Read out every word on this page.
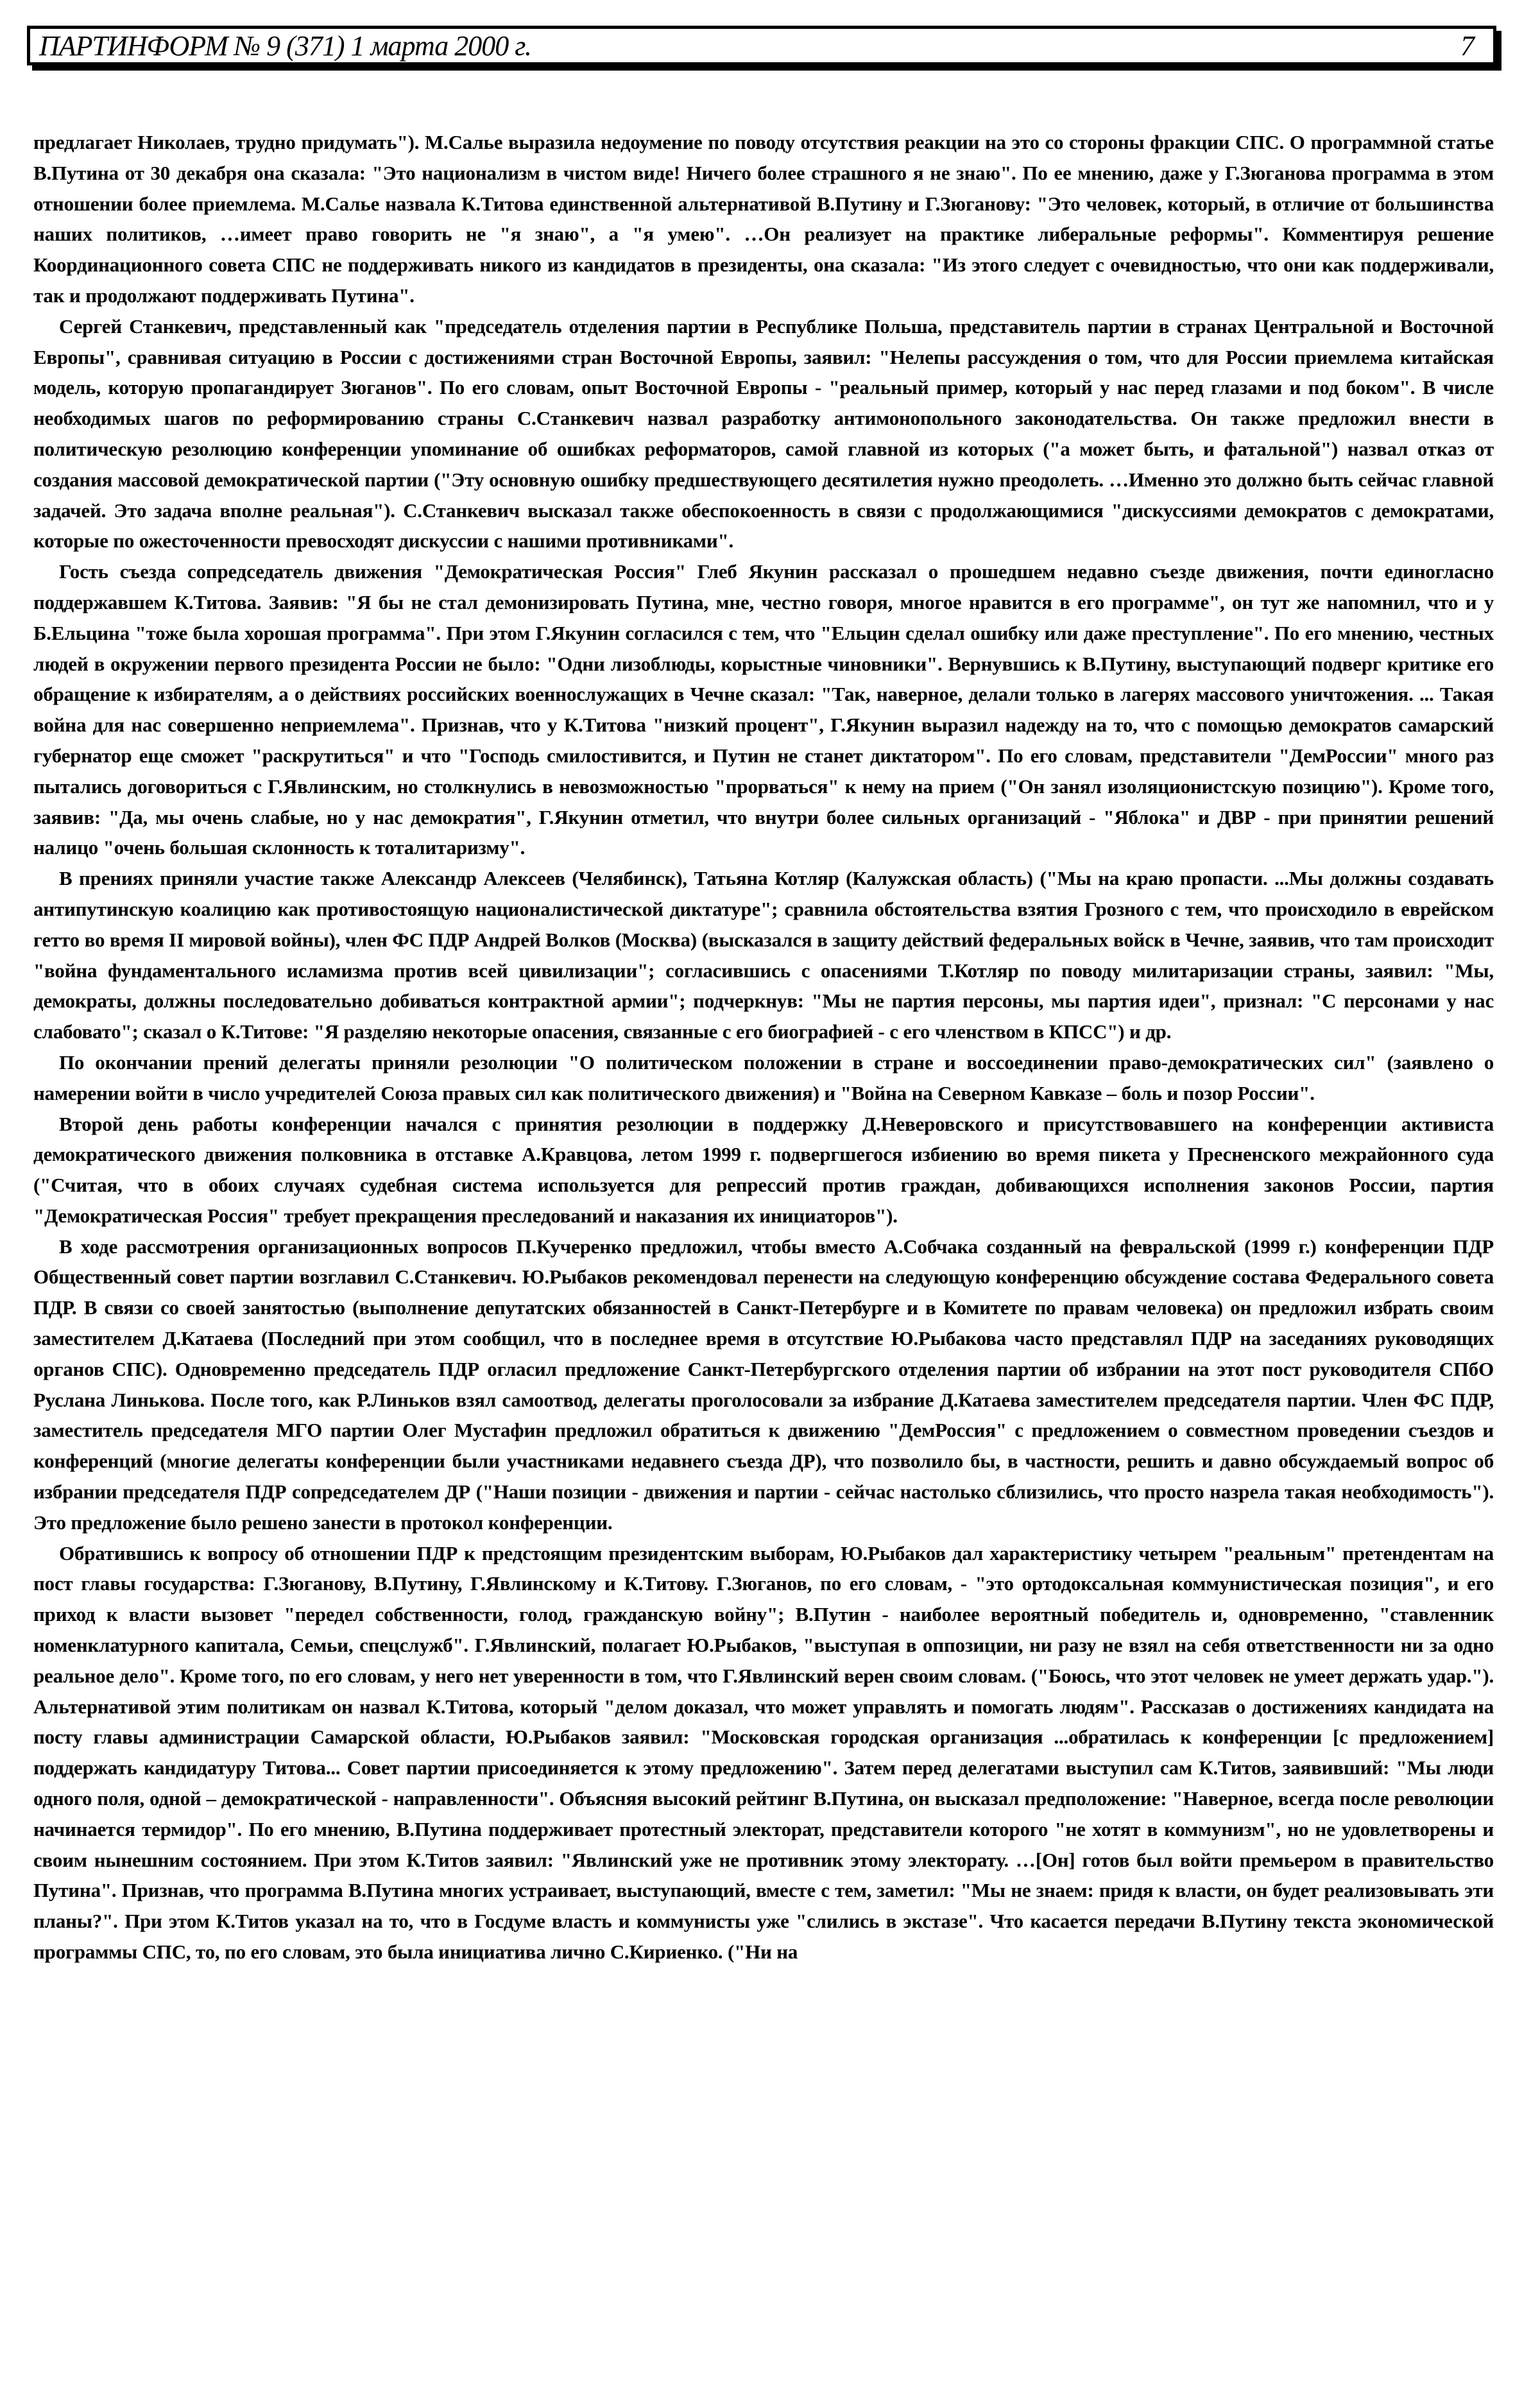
ПАРТИНФОРМ № 9 (371) 1 марта 2000 г.	7

предлагает Николаев, трудно придумать"). М.Салье выразила недоумение по поводу отсутствия реакции на это со стороны фракции СПС. О программной статье В.Путина от 30 декабря она сказала: "Это национализм в чистом виде! Ничего более страшного я не знаю". По ее мнению, даже у Г.Зюганова программа в этом отношении более приемлема. М.Салье назвала К.Титова единственной альтернативой В.Путину и Г.Зюганову: "Это человек, который, в отличие от большинства наших политиков, …имеет право говорить не "я знаю", а "я умею". …Он реализует на практике либеральные реформы". Комментируя решение Координационного совета СПС не поддерживать никого из кандидатов в президенты, она сказала: "Из этого следует с очевидностью, что они как поддерживали, так и продолжают поддерживать Путина".

Сергей Станкевич, представленный как "председатель отделения партии в Республике Польша, представитель партии в странах Центральной и Восточной Европы", сравнивая ситуацию в России с достижениями стран Восточной Европы, заявил: "Нелепы рассуждения о том, что для России приемлема китайская модель, которую пропагандирует Зюганов". По его словам, опыт Восточной Европы - "реальный пример, который у нас перед глазами и под боком". В числе необходимых шагов по реформированию страны С.Станкевич назвал разработку антимонопольного законодательства. Он также предложил внести в политическую резолюцию конференции упоминание об ошибках реформаторов, самой главной из которых ("а может быть, и фатальной") назвал отказ от создания массовой демократической партии ("Эту основную ошибку предшествующего десятилетия нужно преодолеть. …Именно это должно быть сейчас главной задачей. Это задача вполне реальная"). С.Станкевич высказал также обеспокоенность в связи с продолжающимися "дискуссиями демократов с демократами, которые по ожесточенности превосходят дискуссии с нашими противниками".

Гость съезда сопредседатель движения "Демократическая Россия" Глеб Якунин рассказал о прошедшем недавно съезде движения, почти единогласно поддержавшем К.Титова. Заявив: "Я бы не стал демонизировать Путина, мне, честно говоря, многое нравится в его программе", он тут же напомнил, что и у Б.Ельцина "тоже была хорошая программа". При этом Г.Якунин согласился с тем, что "Ельцин сделал ошибку или даже преступление". По его мнению, честных людей в окружении первого президента России не было: "Одни лизоблюды, корыстные чиновники". Вернувшись к В.Путину, выступающий подверг критике его обращение к избирателям, а о действиях российских военнослужащих в Чечне сказал: "Так, наверное, делали только в лагерях массового уничтожения. ... Такая война для нас совершенно неприемлема". Признав, что у К.Титова "низкий процент", Г.Якунин выразил надежду на то, что с помощью демократов самарский губернатор еще сможет "раскрутиться" и что "Господь смилостивится, и Путин не станет диктатором". По его словам, представители "ДемРоссии" много раз пытались договориться с Г.Явлинским, но столкнулись в невозможностью "прорваться" к нему на прием ("Он занял изоляционистскую позицию"). Кроме того, заявив: "Да, мы очень слабые, но у нас демократия", Г.Якунин отметил, что внутри более сильных организаций - "Яблока" и ДВР - при принятии решений налицо "очень большая склонность к тоталитаризму".

В прениях приняли участие также Александр Алексеев (Челябинск), Татьяна Котляр (Калужская область) ("Мы на краю пропасти. ...Мы должны создавать антипутинскую коалицию как противостоящую националистической диктатуре"; сравнила обстоятельства взятия Грозного с тем, что происходило в еврейском гетто во время II мировой войны), член ФС ПДР Андрей Волков (Москва) (высказался в защиту действий федеральных войск в Чечне, заявив, что там происходит "война фундаментального исламизма против всей цивилизации"; согласившись с опасениями Т.Котляр по поводу милитаризации страны, заявил: "Мы, демократы, должны последовательно добиваться контрактной армии"; подчеркнув: "Мы не партия персоны, мы партия идеи", признал: "С персонами у нас слабовато"; сказал о К.Титове: "Я разделяю некоторые опасения, связанные с его биографией - с его членством в КПСС") и др.

По окончании прений делегаты приняли резолюции "О политическом положении в стране и воссоединении право-демократических сил" (заявлено о намерении войти в число учредителей Союза правых сил как политического движения) и "Война на Северном Кавказе – боль и позор России".

Второй день работы конференции начался с принятия резолюции в поддержку Д.Неверовского и присутствовавшего на конференции активиста демократического движения полковника в отставке А.Кравцова, летом 1999 г. подвергшегося избиению во время пикета у Пресненского межрайонного суда ("Считая, что в обоих случаях судебная система используется для репрессий против граждан, добивающихся исполнения законов России, партия "Демократическая Россия" требует прекращения преследований и наказания их инициаторов").

В ходе рассмотрения организационных вопросов П.Кучеренко предложил, чтобы вместо А.Собчака созданный на февральской (1999 г.) конференции ПДР Общественный совет партии возглавил С.Станкевич. Ю.Рыбаков рекомендовал перенести на следующую конференцию обсуждение состава Федерального совета ПДР. В связи со своей занятостью (выполнение депутатских обязанностей в Санкт-Петербурге и в Комитете по правам человека) он предложил избрать своим заместителем Д.Катаева (Последний при этом сообщил, что в последнее время в отсутствие Ю.Рыбакова часто представлял ПДР на заседаниях руководящих органов СПС). Одновременно председатель ПДР огласил предложение Санкт-Петербургского отделения партии об избрании на этот пост руководителя СПбО Руслана Линькова. После того, как Р.Линьков взял самоотвод, делегаты проголосовали за избрание Д.Катаева заместителем председателя партии. Член ФС ПДР, заместитель председателя МГО партии Олег Мустафин предложил обратиться к движению "ДемРоссия" с предложением о совместном проведении съездов и конференций (многие делегаты конференции были участниками недавнего съезда ДР), что позволило бы, в частности, решить и давно обсуждаемый вопрос об избрании председателя ПДР сопредседателем ДР ("Наши позиции - движения и партии - сейчас настолько сблизились, что просто назрела такая необходимость"). Это предложение было решено занести в протокол конференции.

Обратившись к вопросу об отношении ПДР к предстоящим президентским выборам, Ю.Рыбаков дал характеристику четырем "реальным" претендентам на пост главы государства: Г.Зюганову, В.Путину, Г.Явлинскому и К.Титову. Г.Зюганов, по его словам, - "это ортодоксальная коммунистическая позиция", и его приход к власти вызовет "передел собственности, голод, гражданскую войну"; В.Путин - наиболее вероятный победитель и, одновременно, "ставленник номенклатурного капитала, Семьи, спецслужб". Г.Явлинский, полагает Ю.Рыбаков, "выступая в оппозиции, ни разу не взял на себя ответственности ни за одно реальное дело". Кроме того, по его словам, у него нет уверенности в том, что Г.Явлинский верен своим словам. ("Боюсь, что этот человек не умеет держать удар."). Альтернативой этим политикам он назвал К.Титова, который "делом доказал, что может управлять и помогать людям". Рассказав о достижениях кандидата на посту главы администрации Самарской области, Ю.Рыбаков заявил: "Московская городская организация ...обратилась к конференции [с предложением] поддержать кандидатуру Титова... Совет партии присоединяется к этому предложению". Затем перед делегатами выступил сам К.Титов, заявивший: "Мы люди одного поля, одной – демократической - направленности". Объясняя высокий рейтинг В.Путина, он высказал предположение: "Наверное, всегда после революции начинается термидор". По его мнению, В.Путина поддерживает протестный электорат, представители которого "не хотят в коммунизм", но не удовлетворены и своим нынешним состоянием. При этом К.Титов заявил: "Явлинский уже не противник этому электорату. …[Он] готов был войти премьером в правительство Путина". Признав, что программа В.Путина многих устраивает, выступающий, вместе с тем, заметил: "Мы не знаем: придя к власти, он будет реализовывать эти планы?". При этом К.Титов указал на то, что в Госдуме власть и коммунисты уже "слились в экстазе". Что касается передачи В.Путину текста экономической программы СПС, то, по его словам, это была инициатива лично С.Кириенко. ("Ни на
